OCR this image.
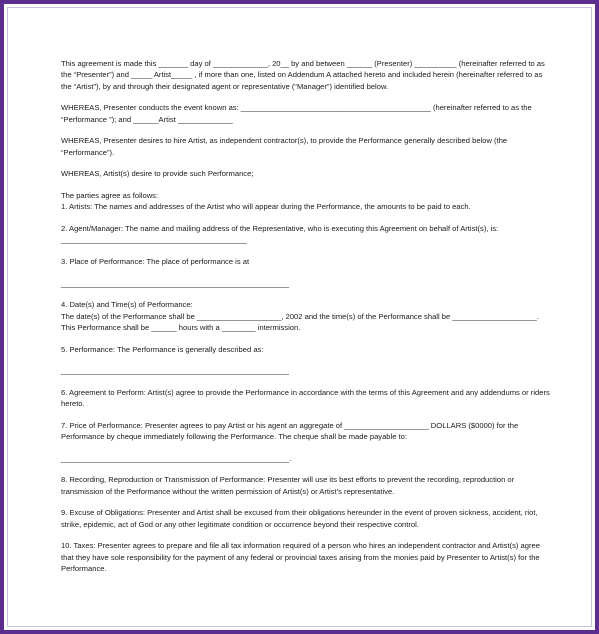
This agreement is made this _______ day of _____________, 20__ by and between ______ (Presenter) __________ (hereinafter referred to as the “Presenter”) and _____ Artist_____ , if more than one, listed on Addendum A attached hereto and included herein (hereinafter referred to as the “Artist”), by and through their designated agent or representative (“Manager”) identified below.

WHEREAS, Presenter conducts the event known as: _____________________________________________ (hereinafter referred to as the “Performance ”); and ______Artist _____________

WHEREAS, Presenter desires to hire Artist, as independent contractor(s), to provide the Performance generally described below (the “Performance”).

WHEREAS, Artist(s) desire to provide such Performance;

The parties agree as follows:

1. Artists: The names and addresses of the Artist who will appear during the Performance, the amounts to be paid to each.

2. Agent/Manager: The name and mailing address of the Representative, who is executing this Agreement on behalf of Artist(s), is: ____________________________________________

3. Place of Performance: The place of performance is at

______________________________________________________

4. Date(s) and Time(s) of Performance:

The date(s) of the Performance shall be ____________________, 2002 and the time(s) of the Performance shall be ____________________. This Performance shall be ______ hours with a ________ intermission.

5. Performance: The Performance is generally described as:

______________________________________________________

6. Agreement to Perform: Artist(s) agree to provide the Performance in accordance with the terms of this Agreement and any addendums or riders hereto.

7. Price of Performance: Presenter agrees to pay Artist or his agent an aggregate of ____________________ DOLLARS ($0000) for the Performance by cheque immediately following the Performance. The cheque shall be made payable to:

______________________________________________________.

8. Recording, Reproduction or Transmission of Performance: Presenter will use its best efforts to prevent the recording, reproduction or transmission of the Performance without the written permission of Artist(s) or Artist’s representative.

9. Excuse of Obligations: Presenter and Artist shall be excused from their obligations hereunder in the event of proven sickness, accident, riot, strike, epidemic, act of God or any other legitimate condition or occurrence beyond their respective control.

10. Taxes: Presenter agrees to prepare and file all tax information required of a person who hires an independent contractor and Artist(s) agree that they have sole responsibility for the payment of any federal or provincial taxes arising from the monies paid by Presenter to Artist(s) for the Performance.
